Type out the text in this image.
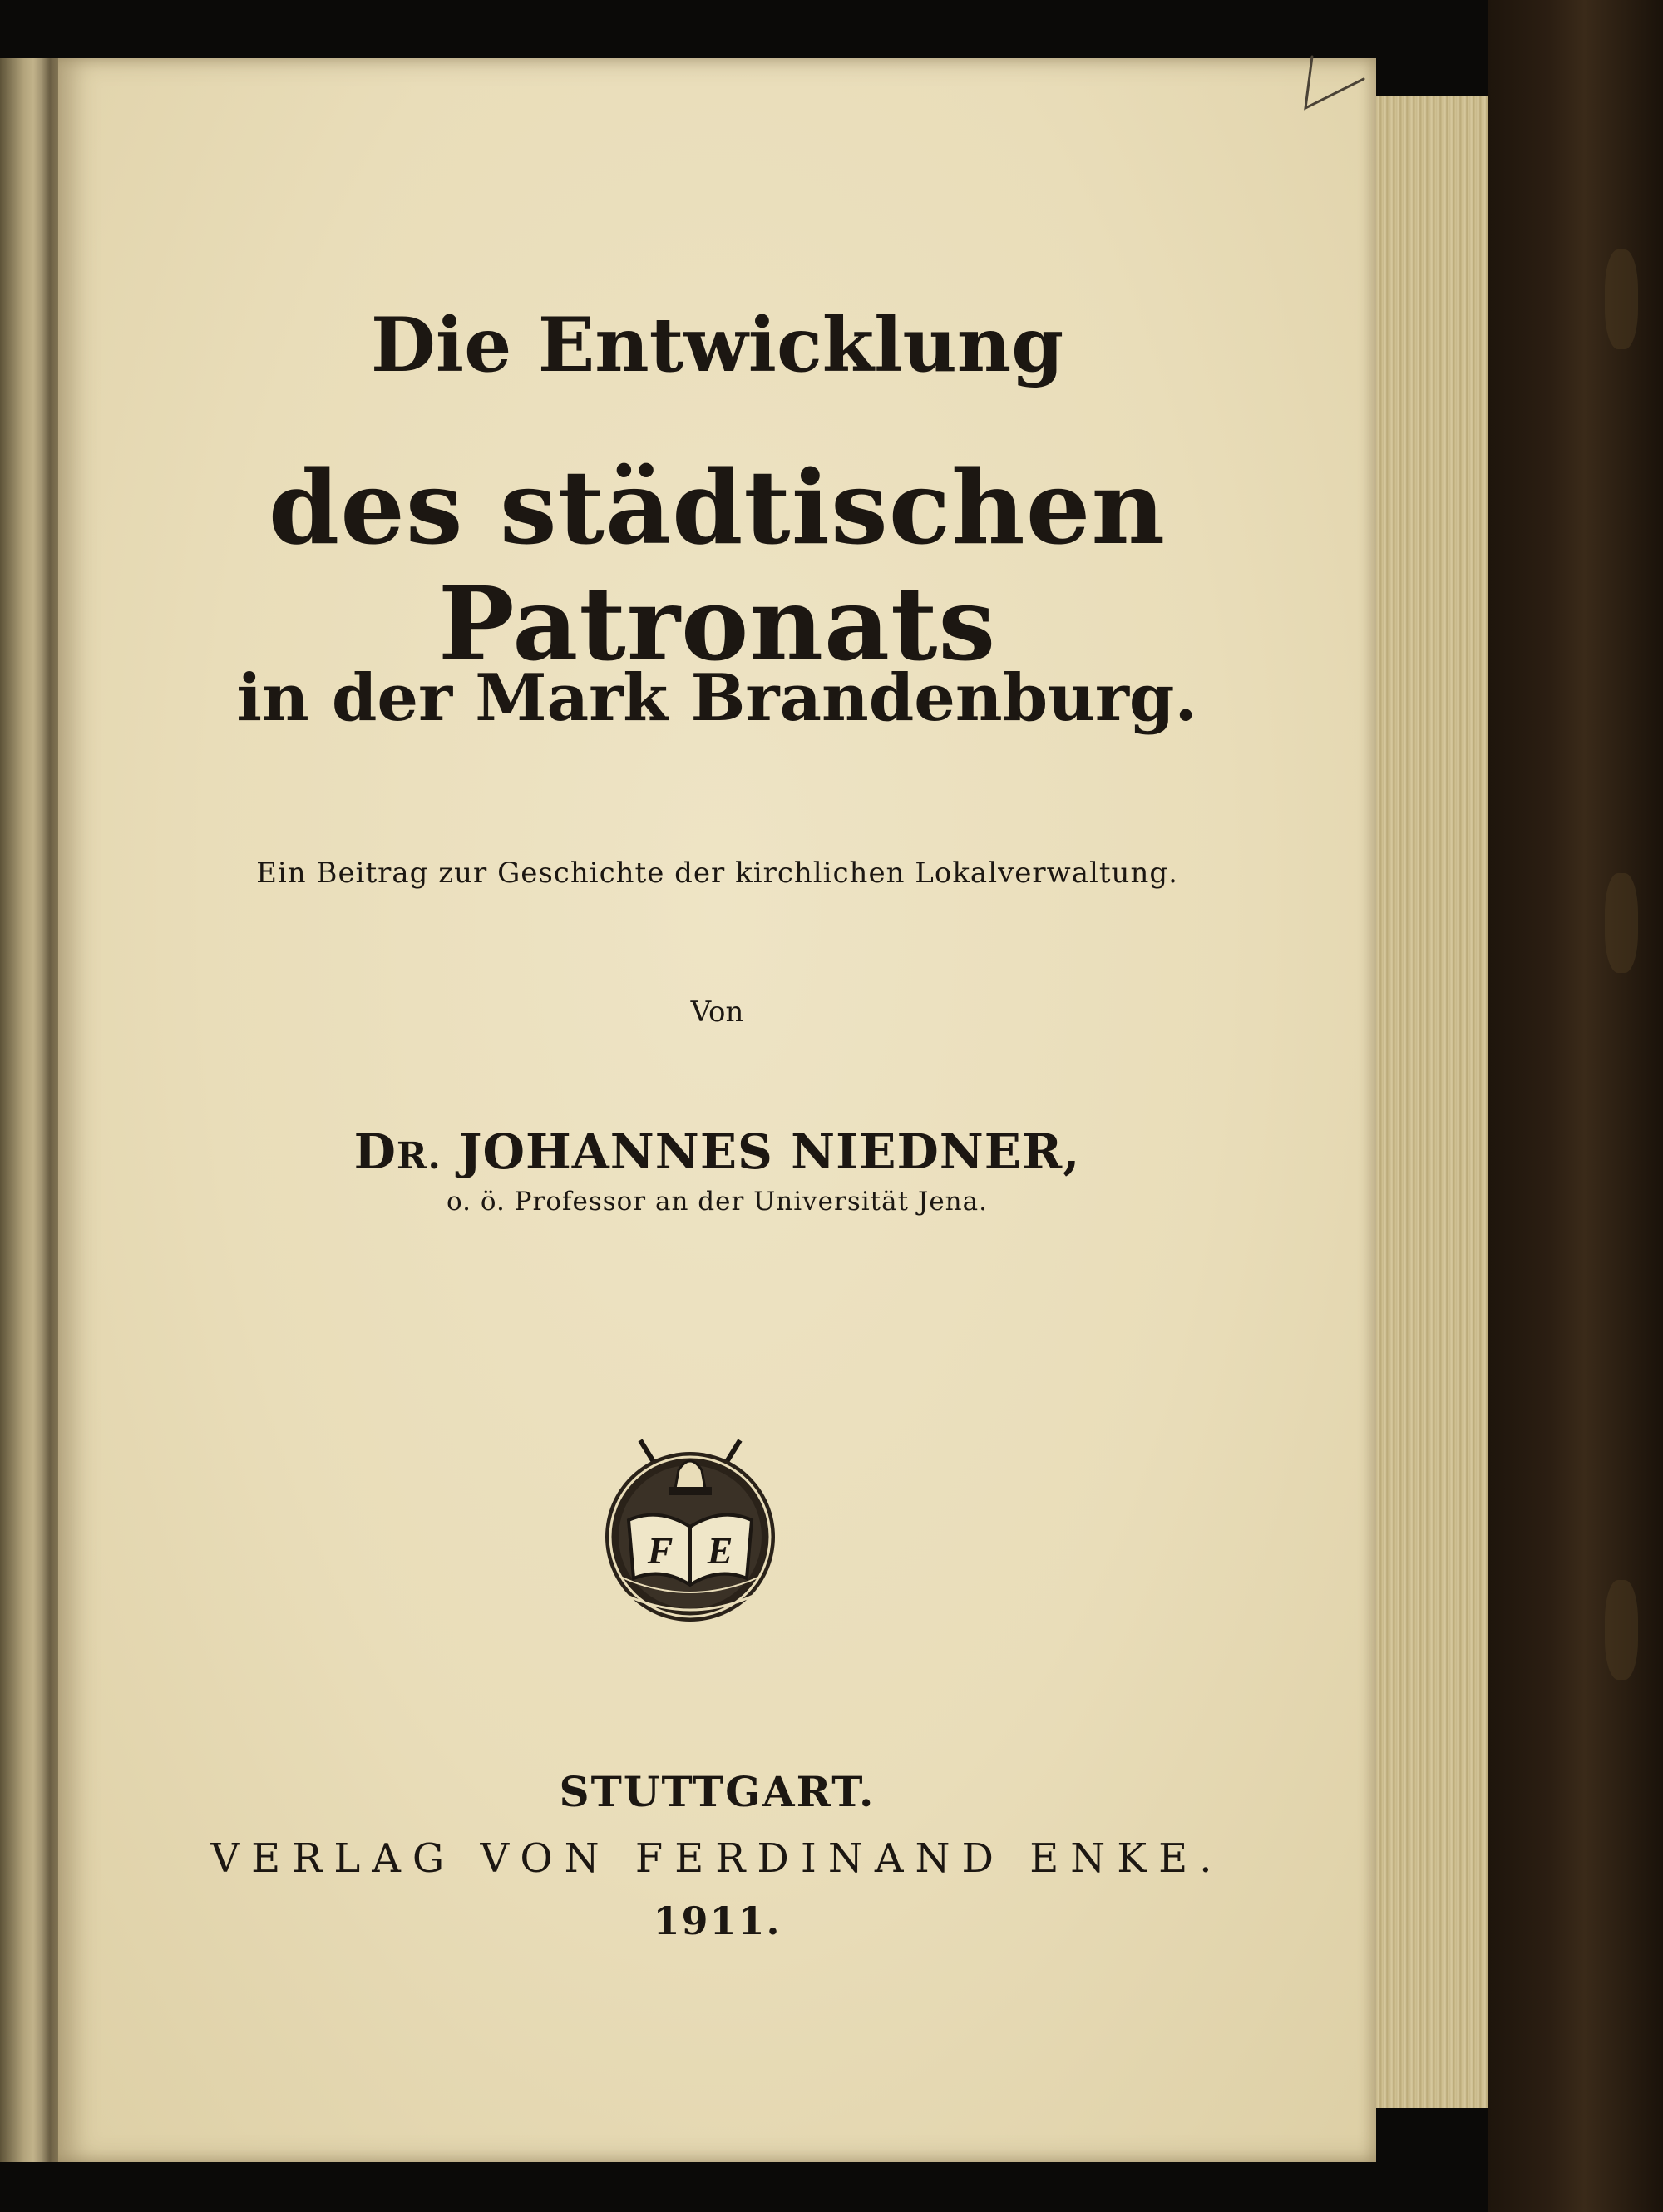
Die Entwicklung

des städtischen Patronats

in der Mark Brandenburg.

Ein Beitrag zur Geschichte der kirchlichen Lokalverwaltung.

Von

DR. JOHANNES NIEDNER,

o. ö. Professor an der Universität Jena.

F E

STUTTGART.

VERLAG VON FERDINAND ENKE.

1911.
